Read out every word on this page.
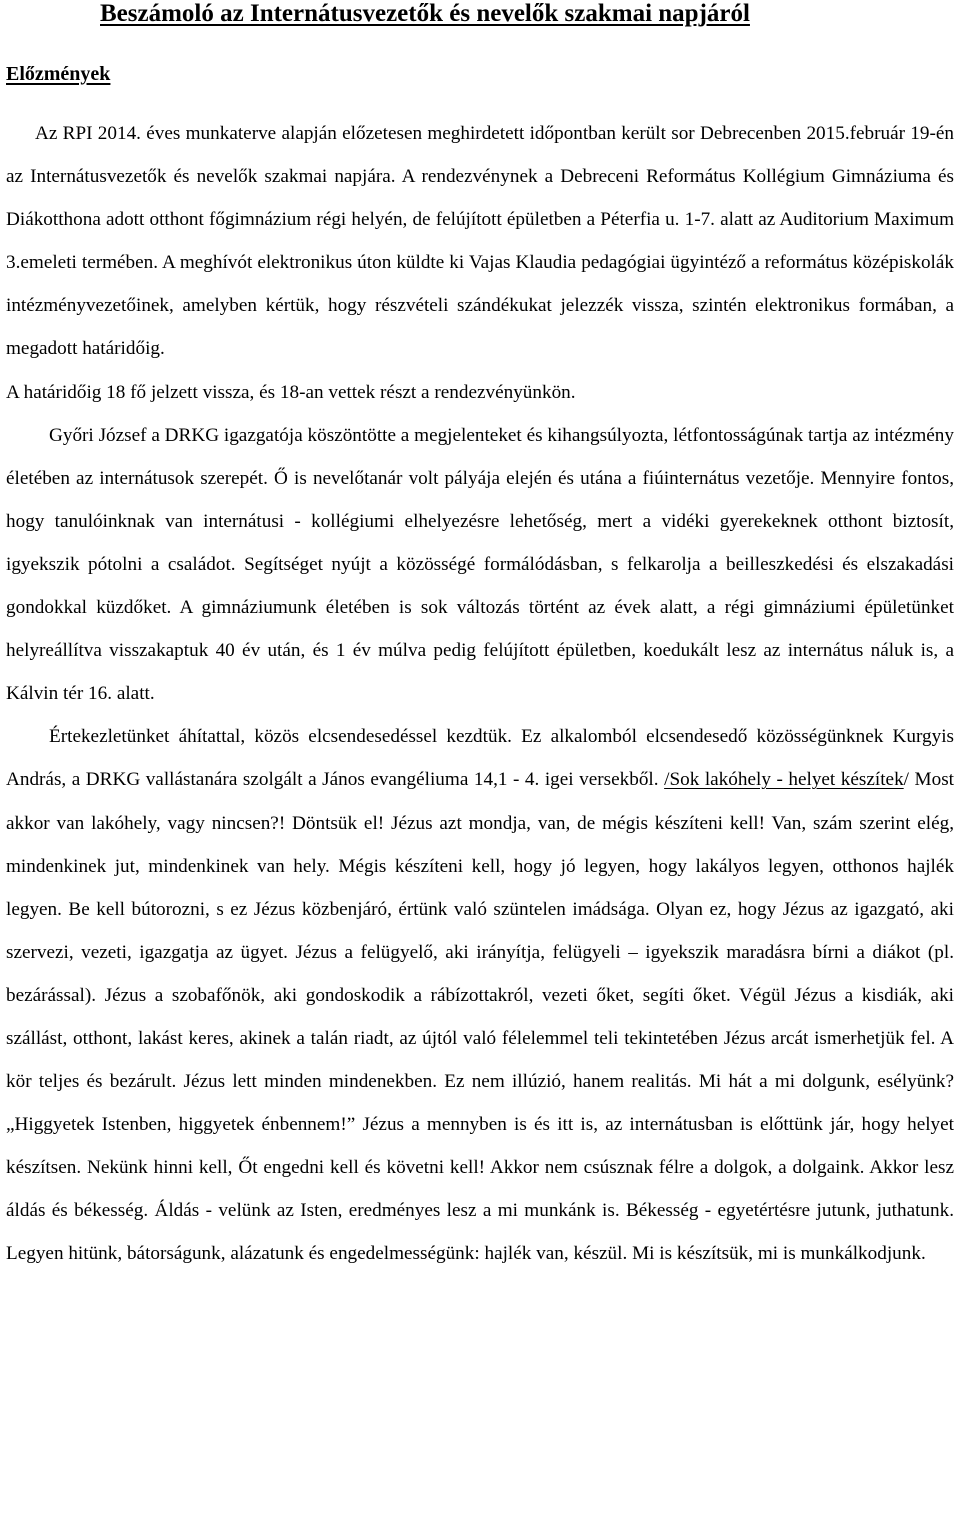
Beszámoló az Internátusvezetők és nevelők szakmai napjáról
Előzmények

Az RPI 2014. éves munkaterve alapján előzetesen meghirdetett időpontban került sor Debrecenben 2015.február 19-én az Internátusvezetők és nevelők szakmai napjára. A rendezvénynek a Debreceni Református Kollégium Gimnáziuma és Diákotthona adott otthont főgimnázium régi helyén, de felújított épületben a Péterfia u. 1-7. alatt az Auditorium Maximum 3.emeleti termében. A meghívót elektronikus úton küldte ki Vajas Klaudia pedagógiai ügyintéző a református középiskolák intézményvezetőinek, amelyben kértük, hogy részvételi szándékukat jelezzék vissza, szintén elektronikus formában, a megadott határidőig.

A határidőig 18 fő jelzett vissza, és 18-an vettek részt a rendezvényünkön.

Győri József a DRKG igazgatója köszöntötte a megjelenteket és kihangsúlyozta, létfontosságúnak tartja az intézmény életében az internátusok szerepét. Ő is nevelőtanár volt pályája elején és utána a fiúinternátus vezetője. Mennyire fontos, hogy tanulóinknak van internátusi - kollégiumi elhelyezésre lehetőség, mert a vidéki gyerekeknek otthont biztosít, igyekszik pótolni a családot. Segítséget nyújt a közösségé formálódásban, s felkarolja a beilleszkedési és elszakadási gondokkal küzdőket. A gimnáziumunk életében is sok változás történt az évek alatt, a régi gimnáziumi épületünket helyreállítva visszakaptuk 40 év után, és 1 év múlva pedig felújított épületben, koedukált lesz az internátus náluk is, a Kálvin tér 16. alatt.

Értekezletünket áhítattal, közös elcsendesedéssel kezdtük. Ez alkalomból elcsendesedő közösségünknek Kurgyis András, a DRKG vallástanára szolgált a János evangéliuma 14,1 - 4. igei versekből. /Sok lakóhely - helyet készítek/ Most akkor van lakóhely, vagy nincsen?! Döntsük el! Jézus azt mondja, van, de mégis készíteni kell! Van, szám szerint elég, mindenkinek jut, mindenkinek van hely. Mégis készíteni kell, hogy jó legyen, hogy lakályos legyen, otthonos hajlék legyen. Be kell bútorozni, s ez Jézus közbenjáró, értünk való szüntelen imádsága. Olyan ez, hogy Jézus az igazgató, aki szervezi, vezeti, igazgatja az ügyet. Jézus a felügyelő, aki irányítja, felügyeli – igyekszik maradásra bírni a diákot (pl. bezárással). Jézus a szobafőnök, aki gondoskodik a rábízottakról, vezeti őket, segíti őket. Végül Jézus a kisdiák, aki szállást, otthont, lakást keres, akinek a talán riadt, az újtól való félelemmel teli tekintetében Jézus arcát ismerhetjük fel. A kör teljes és bezárult. Jézus lett minden mindenekben. Ez nem illúzió, hanem realitás. Mi hát a mi dolgunk, esélyünk? „Higgyetek Istenben, higgyetek énbennem!” Jézus a mennyben is és itt is, az internátusban is előttünk jár, hogy helyet készítsen. Nekünk hinni kell, Őt engedni kell és követni kell! Akkor nem csúsznak félre a dolgok, a dolgaink. Akkor lesz áldás és békesség. Áldás - velünk az Isten, eredményes lesz a mi munkánk is. Békesség - egyetértésre jutunk, juthatunk. Legyen hitünk, bátorságunk, alázatunk és engedelmességünk: hajlék van, készül. Mi is készítsük, mi is munkálkodjunk.
